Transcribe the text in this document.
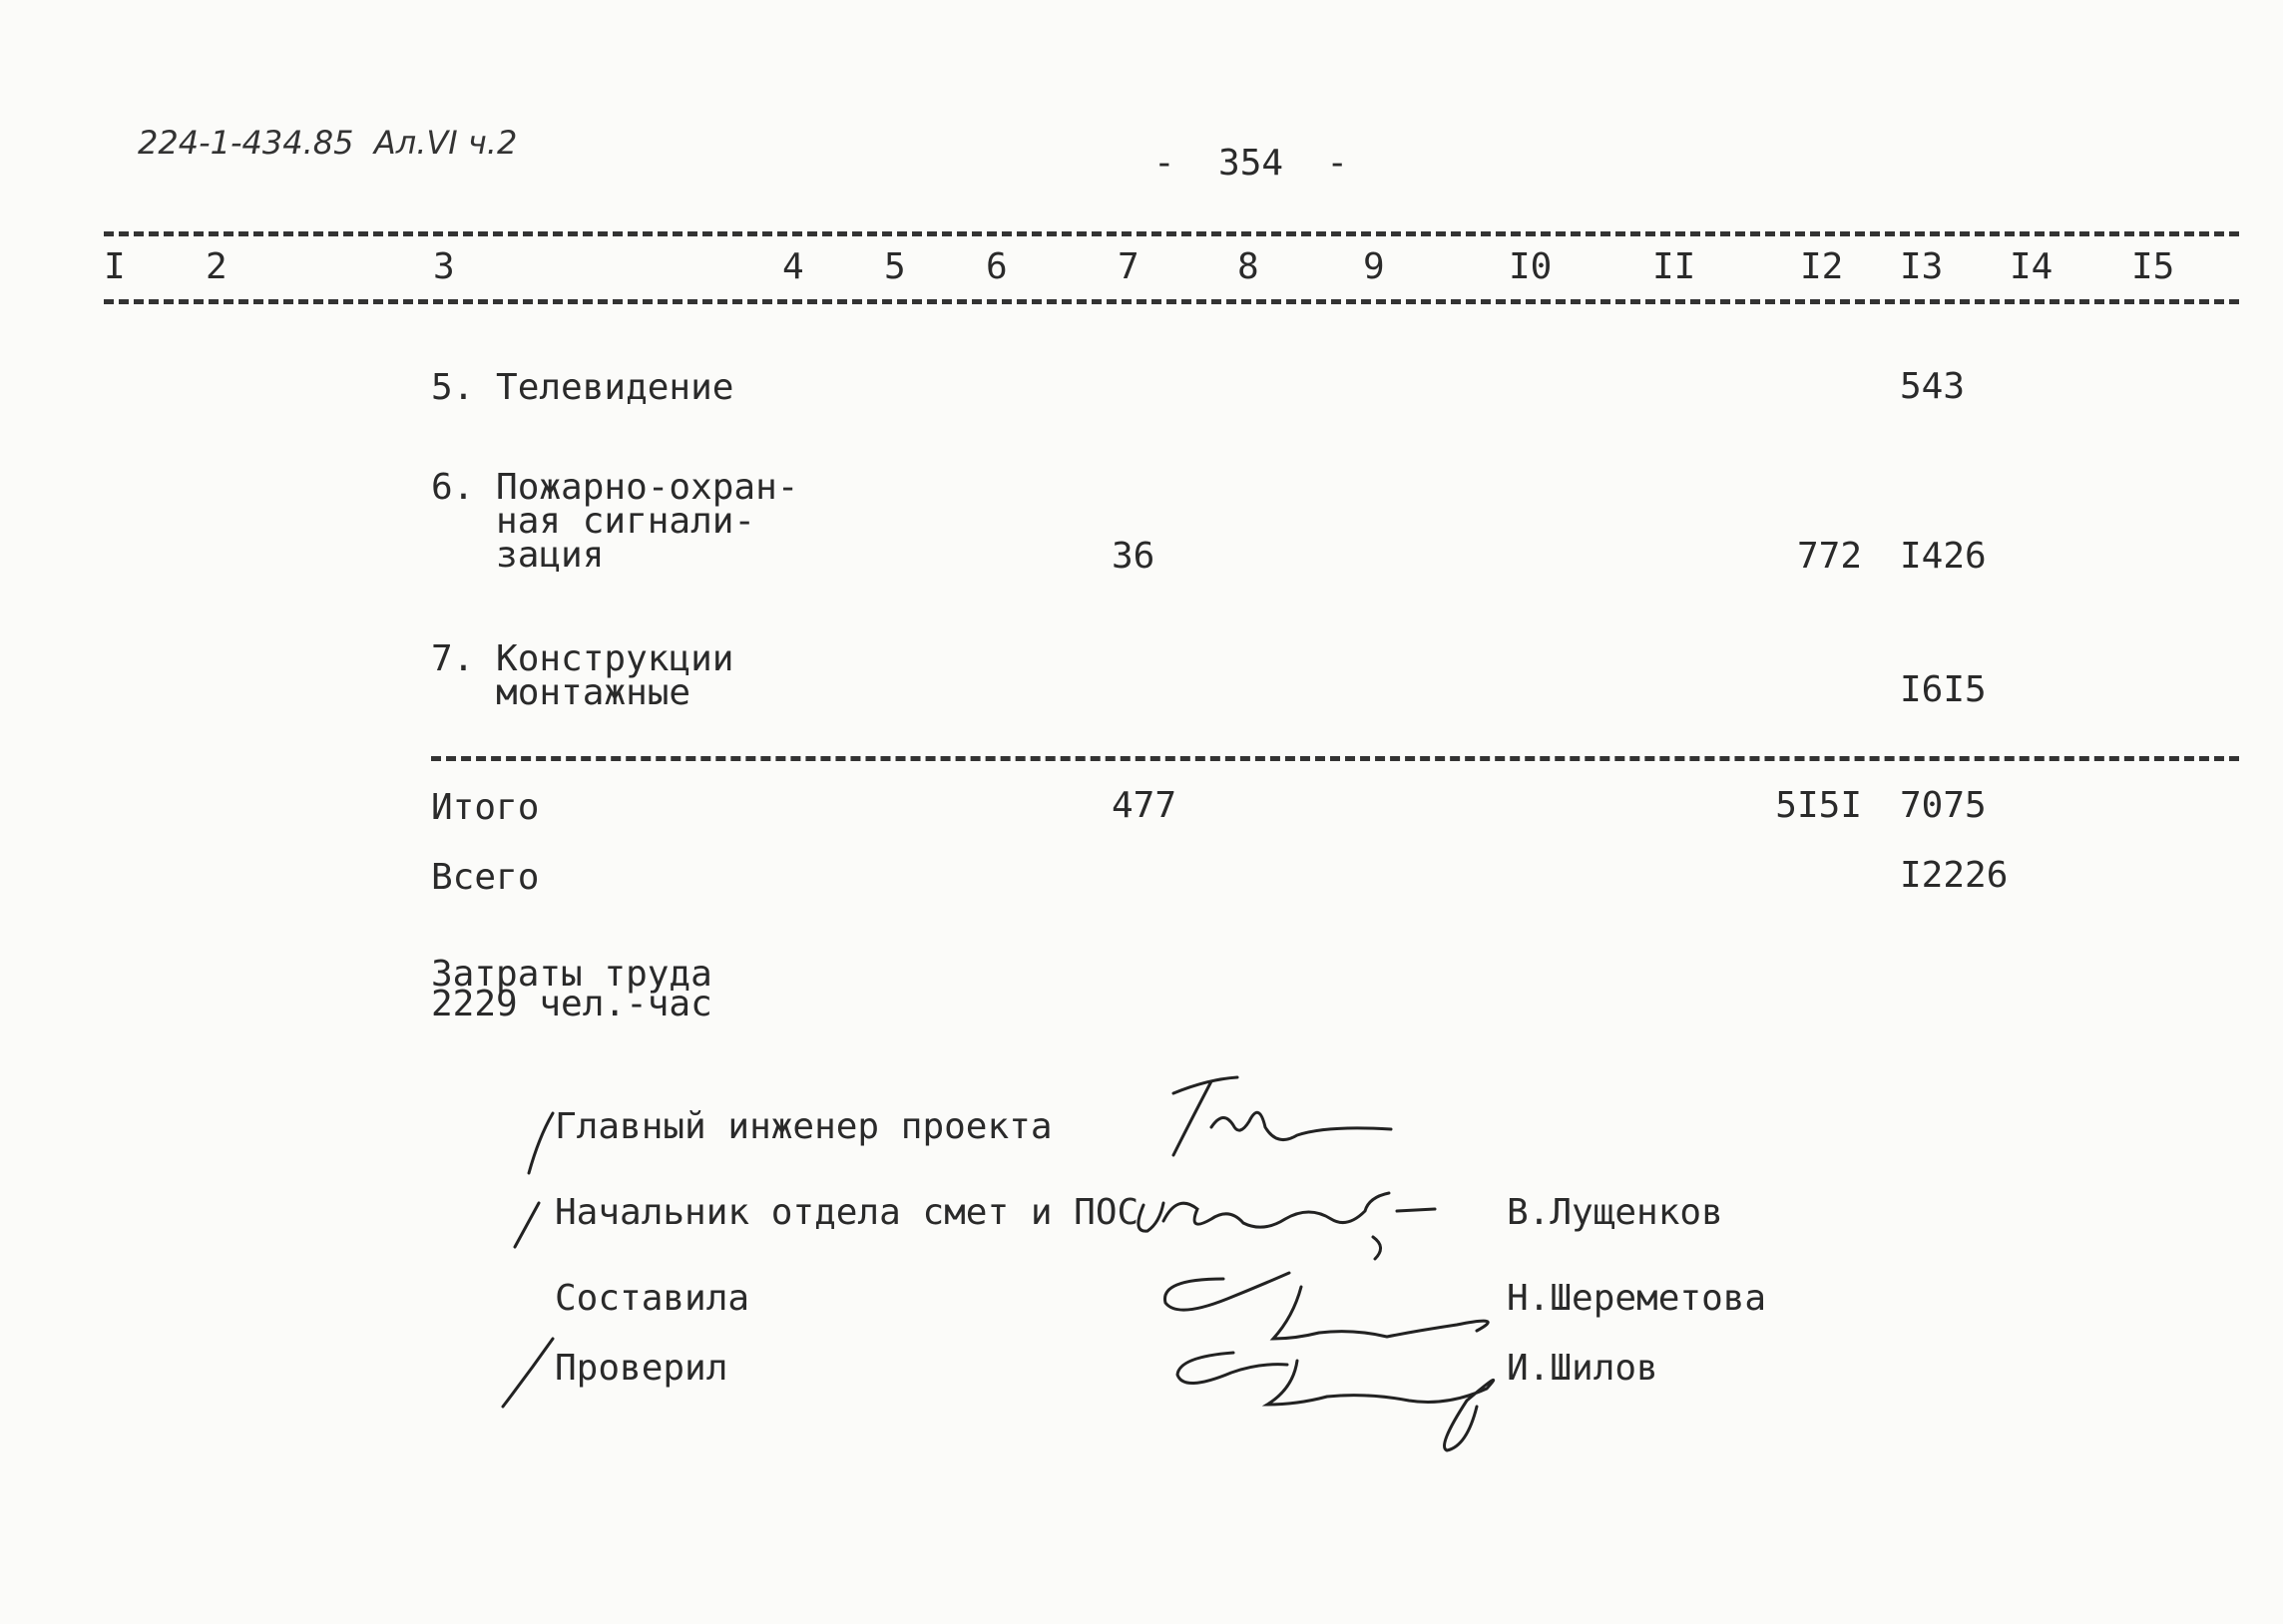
224-1-434.85  Ал.VI ч.2	-  354  -
I 2	3	4 5 6	7	8	9	I0	II	I2 I3 I4 I5
5. Телевидение	543
6. Пожарно-охран-
ная сигнали-
зация	36	772 I426
7. Конструкции
монтажные	I6I5
Итого	477	5I5I 7075
Всего	I2226
Затраты труда
2229 чел.-час
Главный инженер проекта
Начальник отдела смет и ПОС	В.Лущенков
Составила	Н.Шереметова
Проверил	И.Шилов
